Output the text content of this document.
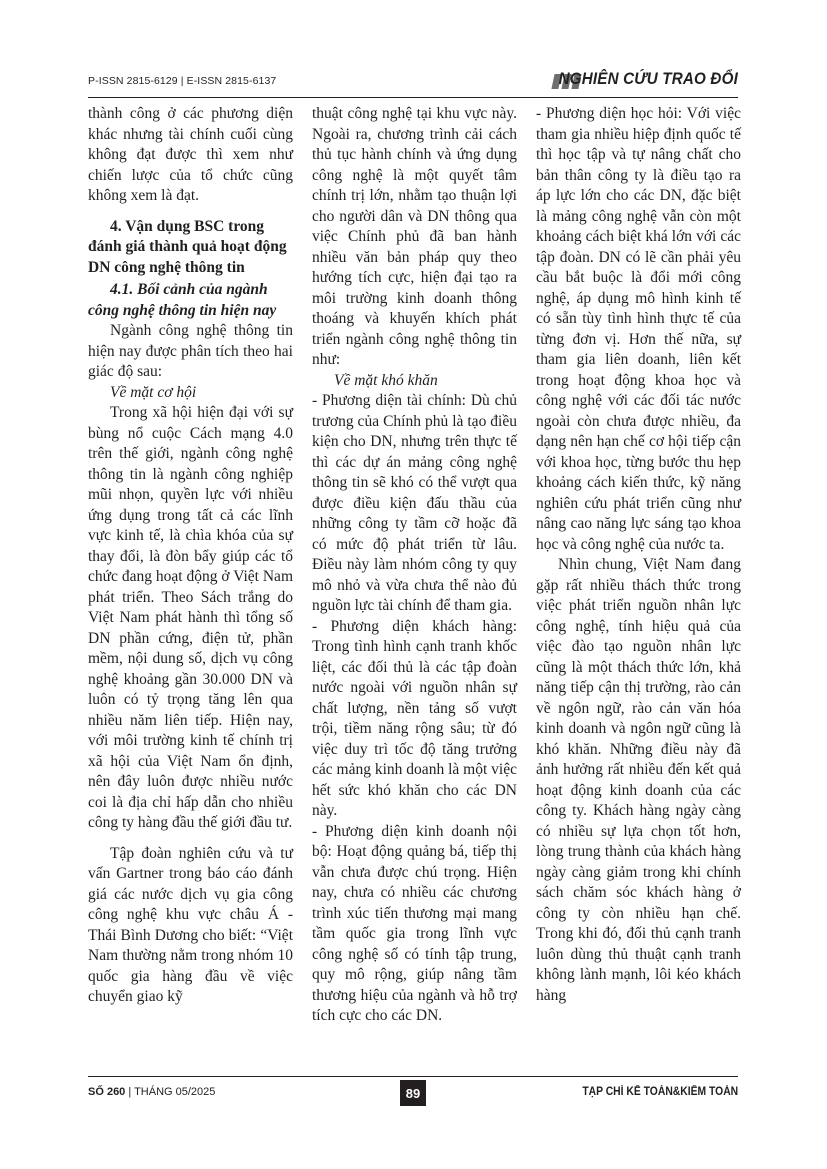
P-ISSN 2815-6129 | E-ISSN 2815-6137	NGHIÊN CỨU TRAO ĐỔI

thành công ở các phương diện khác nhưng tài chính cuối cùng không đạt được thì xem như chiến lược của tổ chức cũng không xem là đạt.

4. Vận dụng BSC trong đánh giá thành quả hoạt động DN công nghệ thông tin
4.1. Bối cảnh của ngành công nghệ thông tin hiện nay

Ngành công nghệ thông tin hiện nay được phân tích theo hai giác độ sau:

Về mặt cơ hội

Trong xã hội hiện đại với sự bùng nổ cuộc Cách mạng 4.0 trên thế giới, ngành công nghệ thông tin là ngành công nghiệp mũi nhọn, quyền lực với nhiều ứng dụng trong tất cả các lĩnh vực kinh tế, là chìa khóa của sự thay đổi, là đòn bẩy giúp các tổ chức đang hoạt động ở Việt Nam phát triển. Theo Sách trắng do Việt Nam phát hành thì tổng số DN phần cứng, điện tử, phần mềm, nội dung số, dịch vụ công nghệ khoảng gần 30.000 DN và luôn có tỷ trọng tăng lên qua nhiều năm liên tiếp. Hiện nay, với môi trường kinh tế chính trị xã hội của Việt Nam ổn định, nên đây luôn được nhiều nước coi là địa chỉ hấp dẫn cho nhiều công ty hàng đầu thế giới đầu tư.

Tập đoàn nghiên cứu và tư vấn Gartner trong báo cáo đánh giá các nước dịch vụ gia công công nghệ khu vực châu Á - Thái Bình Dương cho biết: “Việt Nam thường nằm trong nhóm 10 quốc gia hàng đầu về việc chuyển giao kỹ

thuật công nghệ tại khu vực này. Ngoài ra, chương trình cải cách thủ tục hành chính và ứng dụng công nghệ là một quyết tâm chính trị lớn, nhằm tạo thuận lợi cho người dân và DN thông qua việc Chính phủ đã ban hành nhiều văn bản pháp quy theo hướng tích cực, hiện đại tạo ra môi trường kinh doanh thông thoáng và khuyến khích phát triển ngành công nghệ thông tin như:

Về mặt khó khăn

- Phương diện tài chính: Dù chủ trương của Chính phủ là tạo điều kiện cho DN, nhưng trên thực tế thì các dự án mảng công nghệ thông tin sẽ khó có thể vượt qua được điều kiện đấu thầu của những công ty tầm cỡ hoặc đã có mức độ phát triển từ lâu. Điều này làm nhóm công ty quy mô nhỏ và vừa chưa thể nào đủ nguồn lực tài chính để tham gia.

- Phương diện khách hàng: Trong tình hình cạnh tranh khốc liệt, các đối thủ là các tập đoàn nước ngoài với nguồn nhân sự chất lượng, nền tảng số vượt trội, tiềm năng rộng sâu; từ đó việc duy trì tốc độ tăng trưởng các mảng kinh doanh là một việc hết sức khó khăn cho các DN này.

- Phương diện kinh doanh nội bộ: Hoạt động quảng bá, tiếp thị vẫn chưa được chú trọng. Hiện nay, chưa có nhiều các chương trình xúc tiến thương mại mang tầm quốc gia trong lĩnh vực công nghệ số có tính tập trung, quy mô rộng, giúp nâng tầm thương hiệu của ngành và hỗ trợ tích cực cho các DN.

- Phương diện học hỏi: Với việc tham gia nhiều hiệp định quốc tế thì học tập và tự nâng chất cho bản thân công ty là điều tạo ra áp lực lớn cho các DN, đặc biệt là mảng công nghệ vẫn còn một khoảng cách biệt khá lớn với các tập đoàn. DN có lẽ cần phải yêu cầu bắt buộc là đổi mới công nghệ, áp dụng mô hình kinh tế có sẵn tùy tình hình thực tế của từng đơn vị. Hơn thế nữa, sự tham gia liên doanh, liên kết trong hoạt động khoa học và công nghệ với các đối tác nước ngoài còn chưa được nhiều, đa dạng nên hạn chế cơ hội tiếp cận với khoa học, từng bước thu hẹp khoảng cách kiến thức, kỹ năng nghiên cứu phát triển cũng như nâng cao năng lực sáng tạo khoa học và công nghệ của nước ta.

Nhìn chung, Việt Nam đang gặp rất nhiều thách thức trong việc phát triển nguồn nhân lực công nghệ, tính hiệu quả của việc đào tạo nguồn nhân lực cũng là một thách thức lớn, khả năng tiếp cận thị trường, rào cản về ngôn ngữ, rào cản văn hóa kinh doanh và ngôn ngữ cũng là khó khăn. Những điều này đã ảnh hưởng rất nhiều đến kết quả hoạt động kinh doanh của các công ty. Khách hàng ngày càng có nhiều sự lựa chọn tốt hơn, lòng trung thành của khách hàng ngày càng giảm trong khi chính sách chăm sóc khách hàng ở công ty còn nhiều hạn chế. Trong khi đó, đối thủ cạnh tranh luôn dùng thủ thuật cạnh tranh không lành mạnh, lôi kéo khách hàng

SỐ 260 | THÁNG 05/2025	89	TẠP CHÍ KẾ TOÁN&KIỂM TOÁN
